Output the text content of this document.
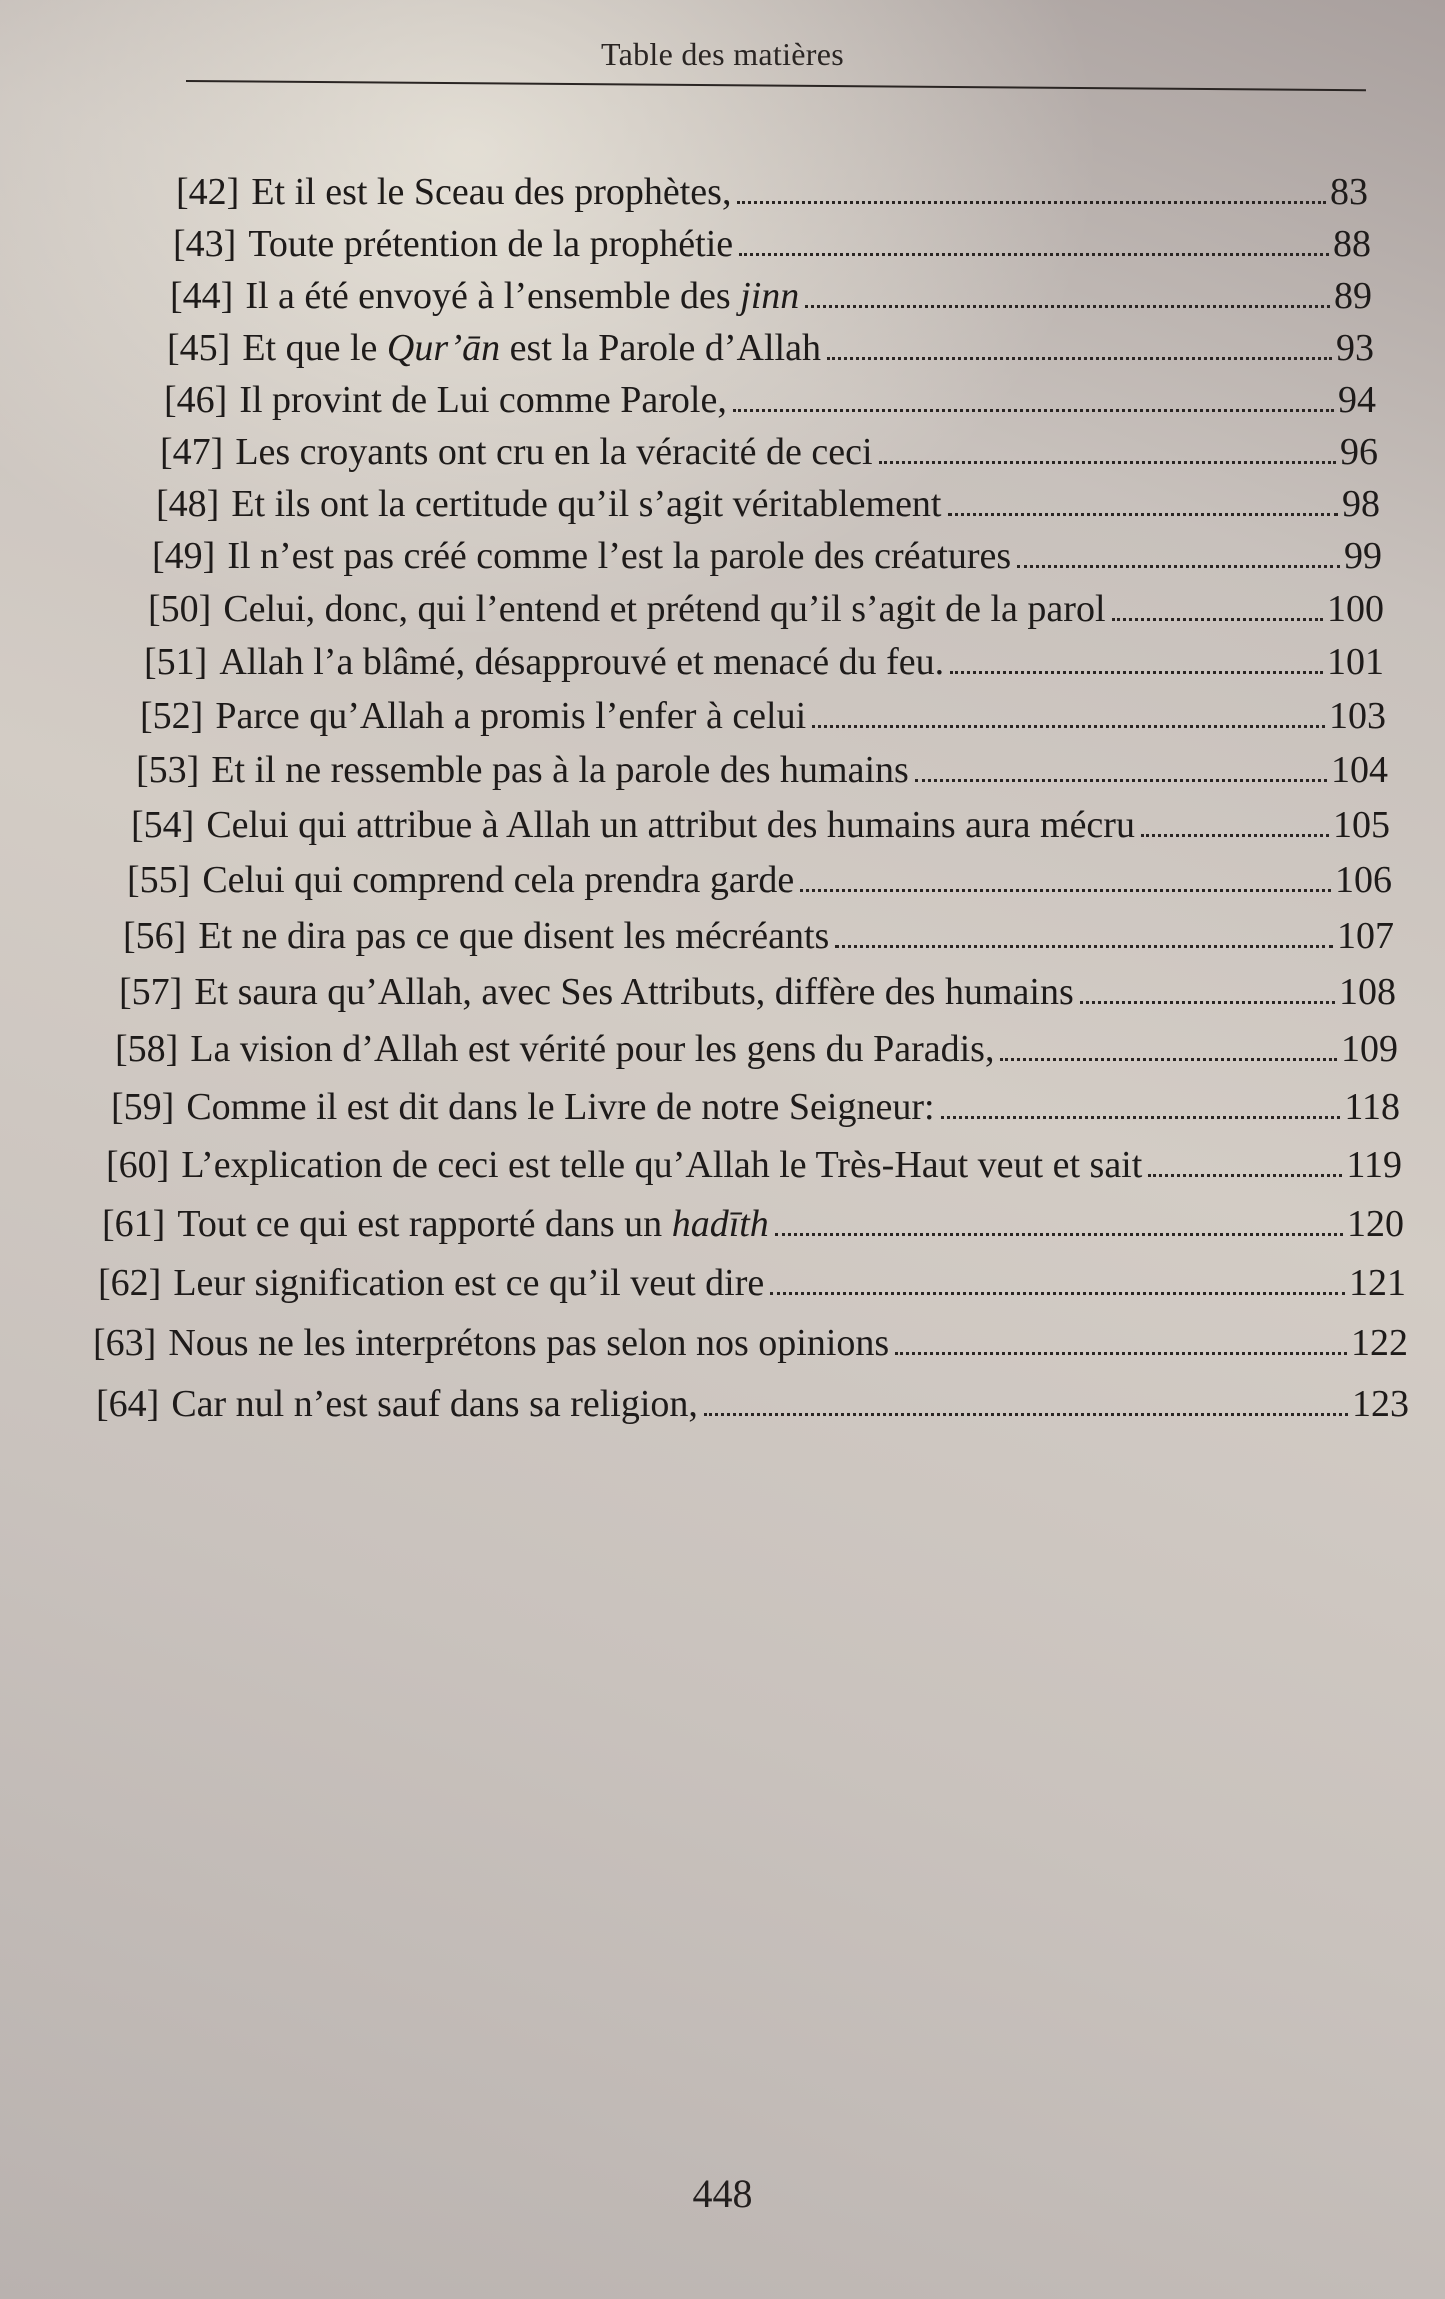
Table des matières
[42] Et il est le Sceau des prophètes,	83
[43] Toute prétention de la prophétie	88
[44] Il a été envoyé à l’ensemble des jinn	89
[45] Et que le Qur’ān est la Parole d’Allah	93
[46] Il provint de Lui comme Parole,	94
[47] Les croyants ont cru en la véracité de ceci	96
[48] Et ils ont la certitude qu’il s’agit véritablement	98
[49] Il n’est pas créé comme l’est la parole des créatures	99
[50] Celui, donc, qui l’entend et prétend qu’il s’agit de la parol	100
[51] Allah l’a blâmé, désapprouvé et menacé du feu.	101
[52] Parce qu’Allah a promis l’enfer à celui	103
[53] Et il ne ressemble pas à la parole des humains	104
[54] Celui qui attribue à Allah un attribut des humains aura mécru	105
[55] Celui qui comprend cela prendra garde	106
[56] Et ne dira pas ce que disent les mécréants	107
[57] Et saura qu’Allah, avec Ses Attributs, diffère des humains	108
[58] La vision d’Allah est vérité pour les gens du Paradis,	109
[59] Comme il est dit dans le Livre de notre Seigneur:	118
[60] L’explication de ceci est telle qu’Allah le Très-Haut veut et sait	119
[61] Tout ce qui est rapporté dans un hadīth	120
[62] Leur signification est ce qu’il veut dire	121
[63] Nous ne les interprétons pas selon nos opinions	122
[64] Car nul n’est sauf dans sa religion,	123
448
